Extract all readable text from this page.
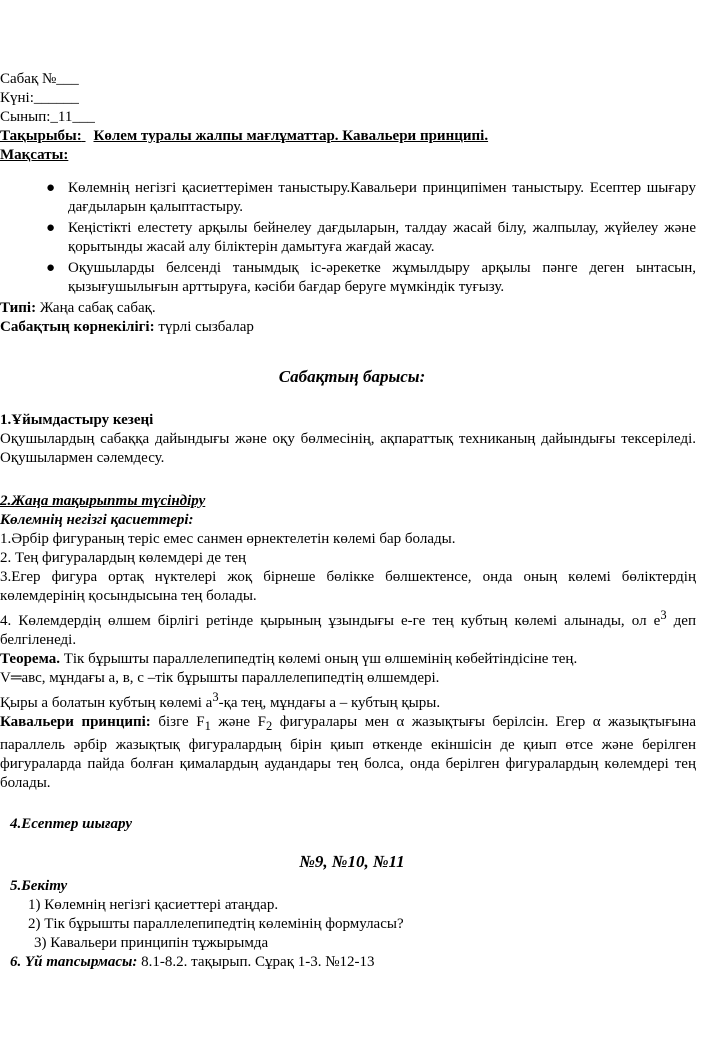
Сабақ №___
Күні:______
Сынып:_11___
Тақырыбы: Көлем туралы жалпы мағлұматтар. Кавальери принципі.
Мақсаты:
● Көлемнің негізгі қасиеттерімен таныстыру.Кавальери принципімен таныстыру. Есептер шығару дағдыларын қалыптастыру.
● Кеңістікті елестету арқылы бейнелеу дағдыларын, талдау жасай білу, жалпылау, жүйелеу және қорытынды жасай алу біліктерін дамытуға жағдай жасау.
● Оқушыларды белсенді танымдық іс-әрекетке жұмылдыру арқылы пәнге деген ынтасын, қызығушылығын арттыруға, кәсіби бағдар беруге мүмкіндік туғызу.
Типі: Жаңа сабақ сабақ.
Сабақтың көрнекілігі: түрлі сызбалар
Сабақтың барысы:
1.Ұйымдастыру кезеңі
Оқушылардың сабаққа дайындығы және оқу бөлмесінің, ақпараттық техниканың дайындығы тексеріледі. Оқушылармен сәлемдесу.
2.Жаңа тақырыпты түсіндіру
Көлемнің негізгі қасиеттері:
1.Әрбір фигураның теріс емес санмен өрнектелетін көлемі бар болады.
2. Тең фигуралардың көлемдері де тең
3.Егер фигура ортақ нүктелері жоқ бірнеше бөлікке бөлшектенсе, онда оның көлемі бөліктердің көлемдерінің қосындысына тең болады.
4. Көлемдердің өлшем бірлігі ретінде қырының ұзындығы е-ге тең кубтың көлемі алынады, ол $е^3$ деп белгіленеді.
Теорема. Тік бұрышты параллелепипедтің көлемі оның үш өлшемінің көбейтіндісіне тең.
V═авс, мұндағы а, в, с –тік бұрышты параллелепипедтің өлшемдері.
Қыры а болатын кубтың көлемі $а^3-қа$ тең, мұндағы а – кубтың қыры.
Кавальери принципі: бізге $F_1$ және $F_2$ фигуралары мен α жазықтығы берілсін. Егер α жазықтығына параллель әрбір жазықтық фигуралардың бірін қиып өткенде екіншісін де қиып өтсе және берілген фигураларда пайда болған қималардың аудандары тең болса, онда берілген фигуралардың көлемдері тең болады.
4.Есептер шығару
№9, №10, №11
5.Бекіту
1) Көлемнің негізгі қасиеттері атаңдар.
2) Тік бұрышты параллелепипедтің көлемінің формуласы?
3) Кавальери принципін тұжырымда
6. Үй тапсырмасы: 8.1-8.2. тақырып. Сұрақ 1-3. №12-13
